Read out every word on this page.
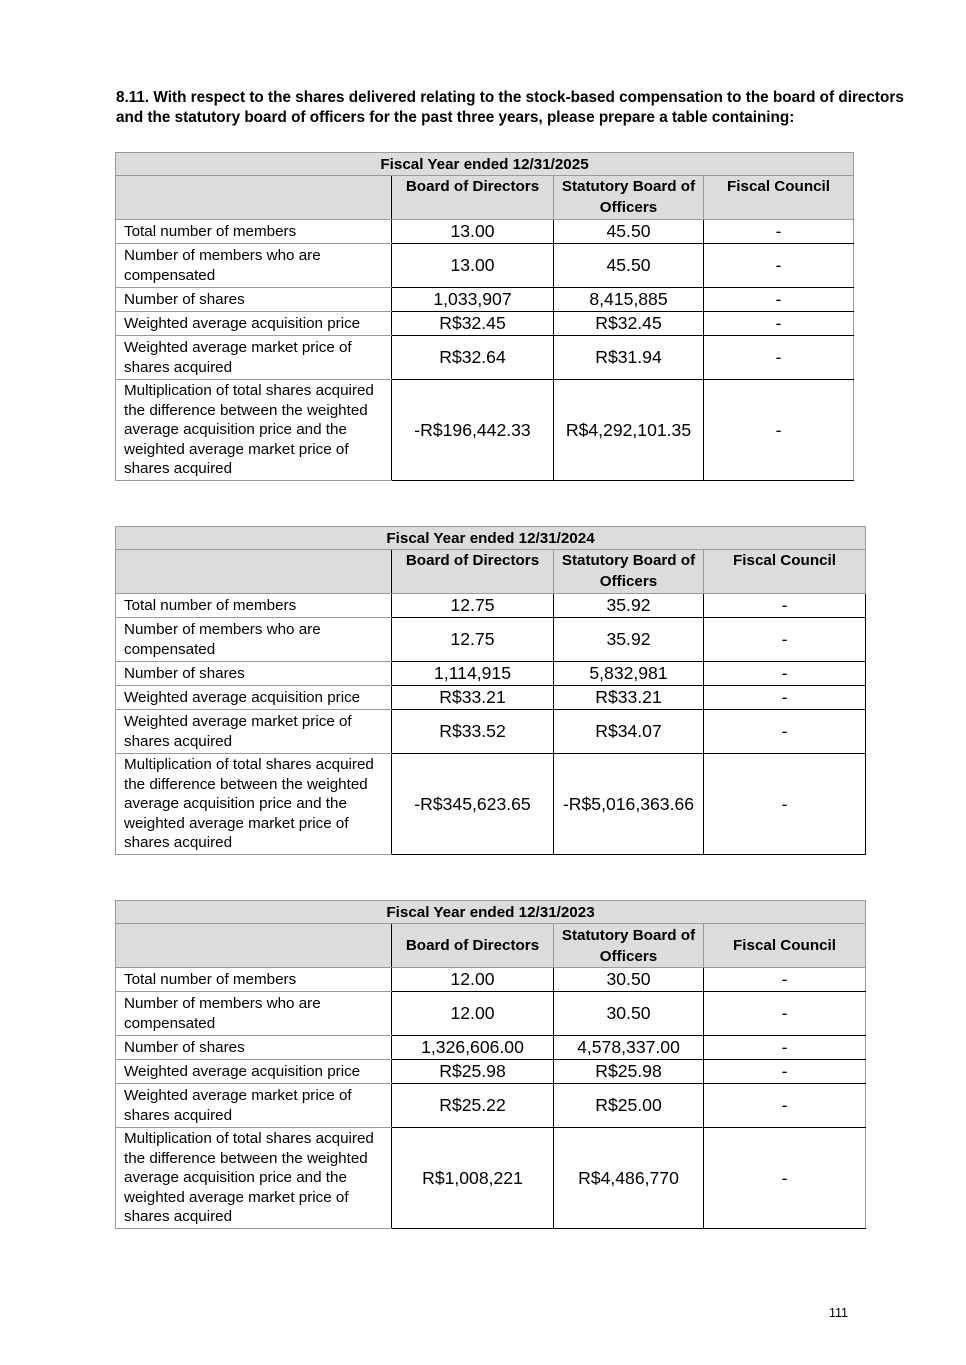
8.11. With respect to the shares delivered relating to the stock-based compensation to the board of directors and the statutory board of officers for the past three years, please prepare a table containing:

Fiscal Year ended 12/31/2025			
	Board of Directors	Statutory Board of Officers	Fiscal Council
Total number of members	13.00	45.50	-
Number of members who are compensated	13.00	45.50	-
Number of shares	1,033,907	8,415,885	-
Weighted average acquisition price	R$32.45	R$32.45	-
Weighted average market price of shares acquired	R$32.64	R$31.94	-
Multiplication of total shares acquired the difference between the weighted average acquisition price and the weighted average market price of shares acquired	-R$196,442.33	R$4,292,101.35	-
Fiscal Year ended 12/31/2024			
	Board of Directors	Statutory Board of Officers	Fiscal Council
Total number of members	12.75	35.92	-
Number of members who are compensated	12.75	35.92	-
Number of shares	1,114,915	5,832,981	-
Weighted average acquisition price	R$33.21	R$33.21	-
Weighted average market price of shares acquired	R$33.52	R$34.07	-
Multiplication of total shares acquired the difference between the weighted average acquisition price and the weighted average market price of shares acquired	-R$345,623.65	-R$5,016,363.66	-
Fiscal Year ended 12/31/2023			
	Board of Directors	Statutory Board of Officers	Fiscal Council
Total number of members	12.00	30.50	-
Number of members who are compensated	12.00	30.50	-
Number of shares	1,326,606.00	4,578,337.00	-
Weighted average acquisition price	R$25.98	R$25.98	-
Weighted average market price of shares acquired	R$25.22	R$25.00	-
Multiplication of total shares acquired the difference between the weighted average acquisition price and the weighted average market price of shares acquired	R$1,008,221	R$4,486,770	-
111
